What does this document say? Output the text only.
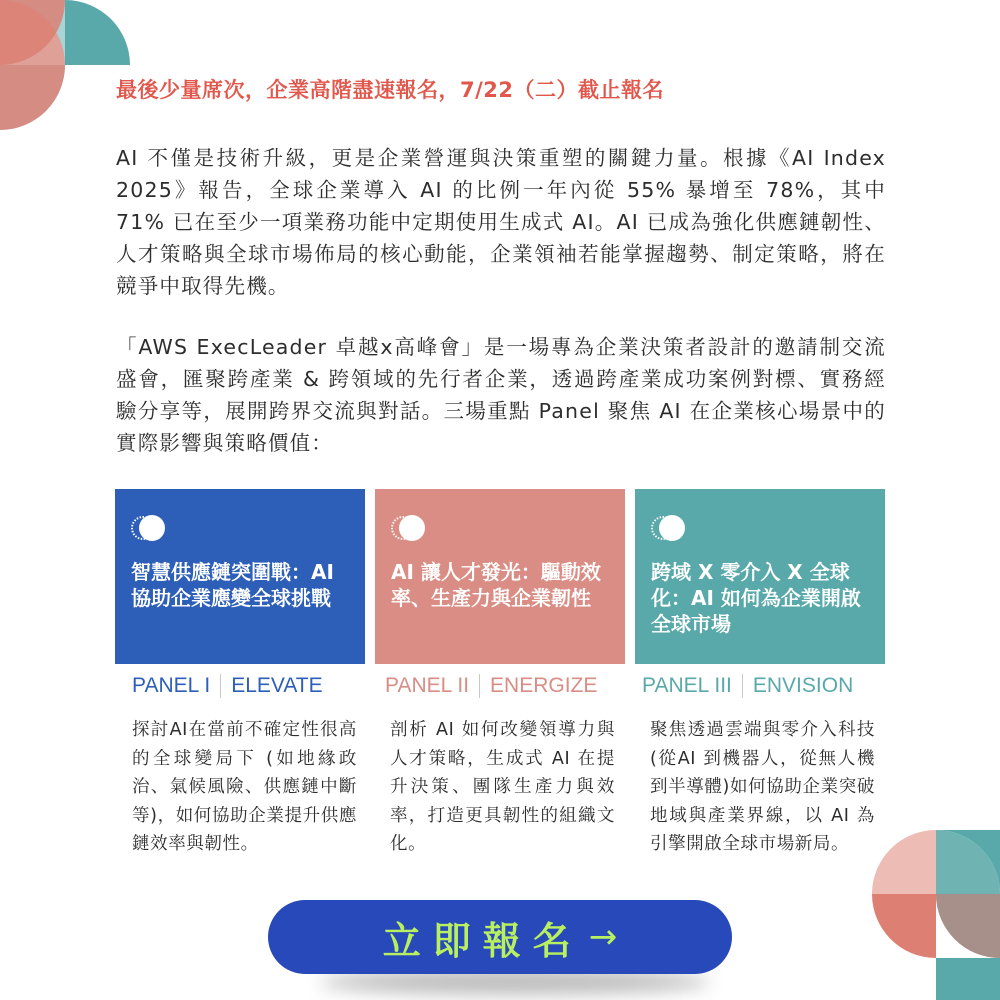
最後少量席次，企業高階盡速報名，7/22（二）截止報名
AI 不僅是技術升級，更是企業營運與決策重塑的關鍵力量。根據《AI Index 2025》報告，全球企業導入 AI 的比例一年內從 55% 暴增至 78%，其中 71% 已在至少一項業務功能中定期使用生成式 AI。AI 已成為強化供應鏈韌性、人才策略與全球市場佈局的核心動能，企業領袖若能掌握趨勢、制定策略，將在競爭中取得先機。
「AWS ExecLeader 卓越x高峰會」是一場專為企業決策者設計的邀請制交流盛會，匯聚跨產業 & 跨領域的先行者企業，透過跨產業成功案例對標、實務經驗分享等，展開跨界交流與對話。三場重點 Panel 聚焦 AI 在企業核心場景中的實際影響與策略價值：
智慧供應鏈突圍戰：AI 協助企業應變全球挑戰
AI 讓人才發光：驅動效率、生產力與企業韌性
跨域 X 零介入 X 全球化：AI 如何為企業開啟全球市場
PANEL I ELEVATE	PANEL II ENERGIZE PANEL III ENVISION
探討AI在當前不確定性很高的全球變局下 (如地緣政治、氣候風險、供應鏈中斷等)，如何協助企業提升供應鏈效率與韌性。
剖析 AI 如何改變領導力與人才策略，生成式 AI 在提升決策、團隊生產力與效率，打造更具韌性的組織文化。
聚焦透過雲端與零介入科技 (從AI 到機器人，從無人機到半導體)如何協助企業突破地域與產業界線，以 AI 為引擎開啟全球市場新局。
立即報名 →
